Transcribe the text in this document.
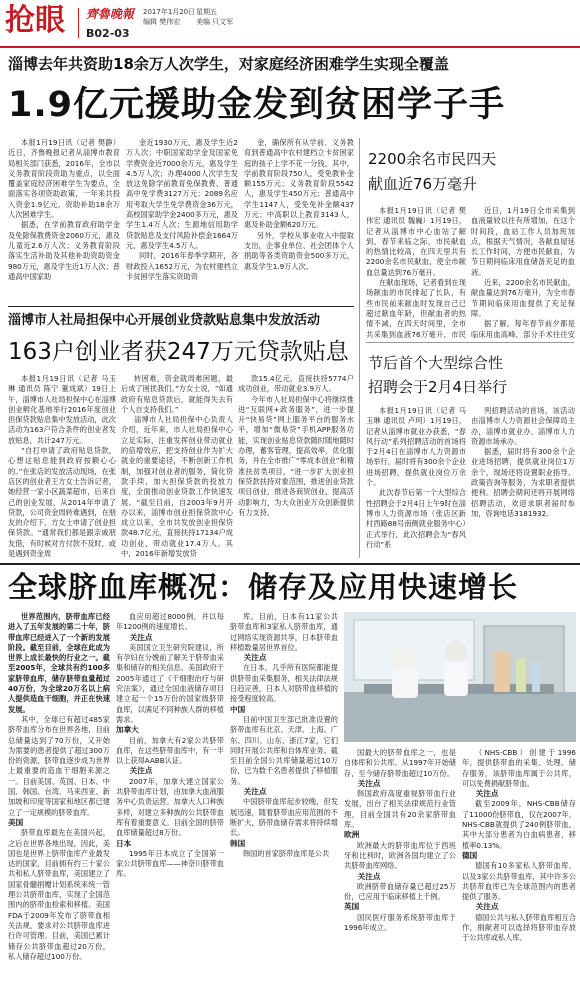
抢眼 齊魯晚報 2017年1月20日 星期五
编辑 樊伟宏 美编 只文军
B02-03
淄博去年共资助18余万人次学生，对家庭经济困难学生实现全覆盖
1.9亿元援助金发到贫困学子手

本报1月19日讯（记者 樊静）近日，齐鲁晚报记者从淄博市教育局相关部门获悉，2016年，全市以义务教育阶段资助为重点，以全面覆盖家庭经济困难学生为要点，全面落实各项资助政策，一年来共投入资金1.9亿元，资助补助18余万人次困难学生。

据悉，在学前教育政府助学金及免除保教费资金2060万元，惠及儿童近2.6万人次；义务教育阶段落实生活补助及其他补助资助资金980万元，惠及学生近1万人次；普通高中国家助

金近1930万元，惠及学生近2万人次；中职国家助学金及国家免学费资金近7000余万元，惠及学生4.5万人次；办理4000人次学生发放这免除学前教育免保教费、普通高中免学费3127万元；2089名应用考取大学生免学费资金36万元，高校国家助学金2400多万元，惠及学生1.4万人次；生源地信用助学贷款贴息及支付风险补偿金1664万元，惠及学生4.5万人。

同时，2016年春季学期开，各财政投入1652万元，为农村建档立卡贫困学生落实资助资

金，确保所有从学前、义务教育到普通高中农村建档立卡贫困家庭的孩子上学不花一分钱。其中，学前教育阶段750人，受免教补金额155万元；义务教育阶段5542人，惠及学生450万元；普通高中学生1147人，受免免补金额437万元；中高职以上教育3143人，惠及补助金额620万元。

另外，学校从事业收入中提取支出，企事业单位、社会团体个人捐助等各类资助资金500多万元，惠及学生1.9万人次。

2200余名市民四天
献血近76万毫升

本报1月19日讯（记者 樊伟宏 通讯员 魏巍）1月19日，记者从淄博市中心血站了解到，春节来临之际，市民献血的热情比较高，在四天里共有2200余名市民献血，使全市献血总量达到76万毫升。

在献血现场，记者看到在现场献血的市民排起了长队，有些市民前来献血时发现自己已超过献血年龄，但献血者的热情不减，在四天时间里，全市共采集到血液76万毫升，市民

近日，1月19日全市采集到血液量较以往有所增加，在这个时间段，血站工作人员加班加点，根据天气情况，各献血屋延长工作时间，方便市民献血，为节日期间临床用血储备充足的血液。

近来，2200余名市民献血，献血量达到76万毫升，为全市春节期间临床用血提供了充足保障。

据了解，每年春节前夕都是临床用血高峰，部分手术往往安

淄博市人社局担保中心开展创业贷款贴息集中发放活动
163户创业者获247万元贷款贴息

本报1月19日讯（记者 马玉琳 通讯员 陈宁 董成斌）19日上午，淄博市人社局担保中心在淄博创业孵化基地举行2016年度创业担保贷款贴息集中发放活动，此次活动为163户符合条件的创业者发放贴息，共计247万元。

“自打申请了政府贴息贷款，心想这贴息能到政府按额心心的。”在张店的发放活动现场，在张店区的创业者王方女士告诉记者，她经营一家小区蔬菜超市，后来自己的创业发展，从2014年申请了贷款，公司资金周转难遇到，在朋友的介绍下，方女士申请了创业担保贷款。“通常我们都是跟亲戚朋友借，有时候对方付款不及时，或是遇到资金周

转困难，资金就周难困题，最后成了困扰我们。”方女士说，“如通政府有贴息贷款后，就能得失去有个人自支持我们。”

淄博市人社局担保中心负责人介绍，近年来，市人社局担保中心立足实际，注重发挥创业带动就业的倍增效应，把支持创业作为扩大就业的重要途径，不断创新工作机制，加强对创业者的服务，简化贷款手续，加大担保贷款的投放力度，全面推动创业贷款工作快速发展。“截至目前，自2003年9月开办以来，淄博市创业担保贷款中心成立以来，全市共发放创业担保贷款48.7亿元，直接扶持17134户成功创业，带动就业17.4万人。其中，2016年新增发放贷

款15.4亿元，直接扶持5774户成功创业，带动就业3.9万人。

今年市人社局担保中心将继续推进“互联网+政务服务”，进一步提升“快易贷”网上服务平台的服务水平，增加“微易贷”手机APP服务功能，实现创业贴息贷款随时随地随时办理，蓄客管理，提高效率，优化服务，并在全市推广“零成本创业”和精准扶贫类项目，“进一步扩大创业担保贷款扶持对象范围，推进创业贷款项目创业，推进各商贸创业，提高活动影响力，为大众创业万众创新提供有力支持。

节后首个大型综合性
招聘会于2月4日举行

本报1月19日讯（记者 马玉琳 通讯员 卢珂）1月19日，记者从淄博市就业办获悉，“春风行动”系列招聘活动的首场将于2月4日在淄博市人力资源市场举行，届时将有300余个企业进场招聘，提供就业岗位万余个。

此次春节后第一个大型综合性招聘会于2月4日上午9时在淄博市人力资源市场（张店区新村西路88号南侧就业服务中心）正式举行，此次招聘会为“春风行动”系

列招聘活动的首场，该活动由淄博市人力资源社会保障局主办，淄博市就业办、淄博市人力资源市场承办。

据悉，届时将有300余个企业进场招聘，提供就业岗位1万余个，现场还将设置职业指导、政策咨询等服务，为求职者提供便利。招聘会期间还将开展网络招聘活动，欢迎求职者届时参加，咨询电话3181932。

全球脐血库概况：储存及应用快速增长

世界范围内，脐带血库已经进入了五年发展的第二十年，脐带血库已经进入了一个新的发展阶段。截至目前，全球在此成为世界上成长最快的行业之一。截至2005年，全球共有约100多家脐带血库，储存脐带血量超过40万份，为全球20万名以上病人提供造血干细胞，并正在快速发展。

其中，全球已有超过485家脐带血库分布在世界各地，目前总储量达到了70万份，又开始为需要的患者提供了超过300万份的资源，脐带血逐步成为世界上最重要的造血干细胞来源之一。目前美国、英国、日本、中国、韩国、台湾、马来西亚、新加坡和印度等国家和地区都已建立了一定规模的脐带血库。

美国

脐带血库最先在美国兴起，之后在世界各地出现。因此，美国也是世界上脐带血库产业最发达的国家，目前拥有约三十家公共和私人脐带血库，美国建立了国家骨髓捐赠计划系统来统一管理公共脐带血库，实现了全国范围内的脐带血检索和移植。美国FDA于2009年发布了脐带血相关法规，要求对公共脐带血库进行许可管理。目前，美国已累计储存公共脐带血超过20万份，私人储存超过100万份。

血应用超过8000例，并以每年1200例的速度增长。

关注点

美国国立卫生研究院建议，所有孕妇在分娩前了解关于脐带血采集和储存的相关信息。美国政府于2005年通过了《干细胞治疗与研究法案》，通过全国血液储存项目建立起一个15万份的国家级脐带血库，以满足不同种族人群的移植需求。

加拿大

目前，加拿大有2家公共脐带血库，在这些脐带血库中，有一半以上获得AABB认证。

关注点

2007年，加拿大建立国家公共脐带血库计划，由加拿大血液服务中心负责运营。加拿大人口种族多样，对建立多种族的公共脐带血库有着重要意义。目前全国的脐带血库储量超过8万份。

日本

1995年日本成立了全国第一家公共脐带血库——神奈川脐带血库。

库。目前，日本有11家公共脐带血库和3家私人脐带血库，通过网络实现资源共享，日本脐带血移植数量居世界首位。

关注点

在日本，几乎所有医院都能提供脐带血采集服务，相关法律法规日趋完善，日本人对脐带血移植的接受程度较高。

中国

目前中国卫生部已批准设置的脐带血库有北京、天津、上海、广东、四川、山东、浙江7家，它们同时开展公共库和自体库业务。截至目前全国公共库储量超过10万份，已为数千名患者提供了移植服务。

关注点

中国脐带血库起步较晚，但发展迅速，随着脐带血应用范围的不断扩大，脐带血储存需求将持续增长。

韩国

韩国的首家脐带血库是公共

国最大的脐带血库之一，也是自体库和公共库。从1997年开始储存，至今储存脐带血超过10万份。

关注点

韩国政府高度重视脐带血行业发展，出台了相关法律规范行业管理，目前全国共有20余家脐带血库。

欧洲

欧洲最大的脐带血库位于西班牙和比利时，欧洲各国均建立了公共脐带血库网络。

关注点

欧洲脐带血储存量已超过25万份，已应用于临床移植上千例。

英国

国民医疗服务系统脐带血库于1996年成立。

（NHS-CBB）创建于1996年，提供脐带血的采集、处理、储存服务，该脐带血库属于公共库，可以免费捐献脐带血。

关注点

截至2009年，NHS-CBB储存了11000份脐带血，仅在2007年，NHS-CBB就提供了240例脐带血，其中大部分患者为白血病患者，移植率0.13%。

德国

德国有10多家私人脐带血库，以及3家公共脐带血库，其中许多公共脐带血库已为全球范围内的患者提供了服务。

关注点

德国公共与私人脐带血库相互合作，捐献者可以选择将脐带血存放于公共库或私人库。
